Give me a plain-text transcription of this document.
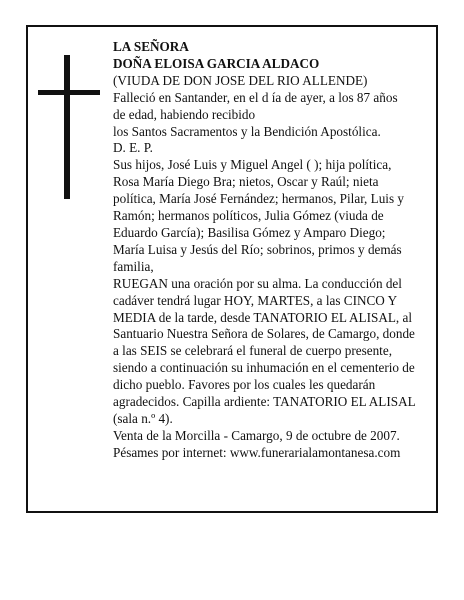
LA SEÑORA

DOÑA ELOISA GARCIA ALDACO

(VIUDA DE DON JOSE DEL RIO ALLENDE)

Falleció en Santander, en el d ía de ayer, a los 87 años

de edad, habiendo recibido

los Santos Sacramentos y la Bendición Apostólica.

D. E. P.

Sus hijos, José Luis y Miguel Angel ( ); hija política, Rosa María Diego Bra; nietos, Oscar y Raúl; nieta política, María José Fernández; hermanos, Pilar, Luis y Ramón; hermanos políticos, Julia Gómez (viuda de Eduardo García); Basilisa Gómez y Amparo Diego; María Luisa y Jesús del Río; sobrinos, primos y demás familia,

RUEGAN una oración por su alma. La conducción del cadáver tendrá lugar HOY, MARTES, a las CINCO Y MEDIA de la tarde, desde TANATORIO EL ALISAL, al Santuario Nuestra Señora de Solares, de Camargo, donde a las SEIS se celebrará el funeral de cuerpo presente, siendo a continuación su inhumación en el cementerio de dicho pueblo. Favores por los cuales les quedarán agradecidos. Capilla ardiente: TANATORIO EL ALISAL (sala n.º 4).

Venta de la Morcilla - Camargo, 9 de octubre de 2007.

Pésames por internet: www.funerarialamontanesa.com
